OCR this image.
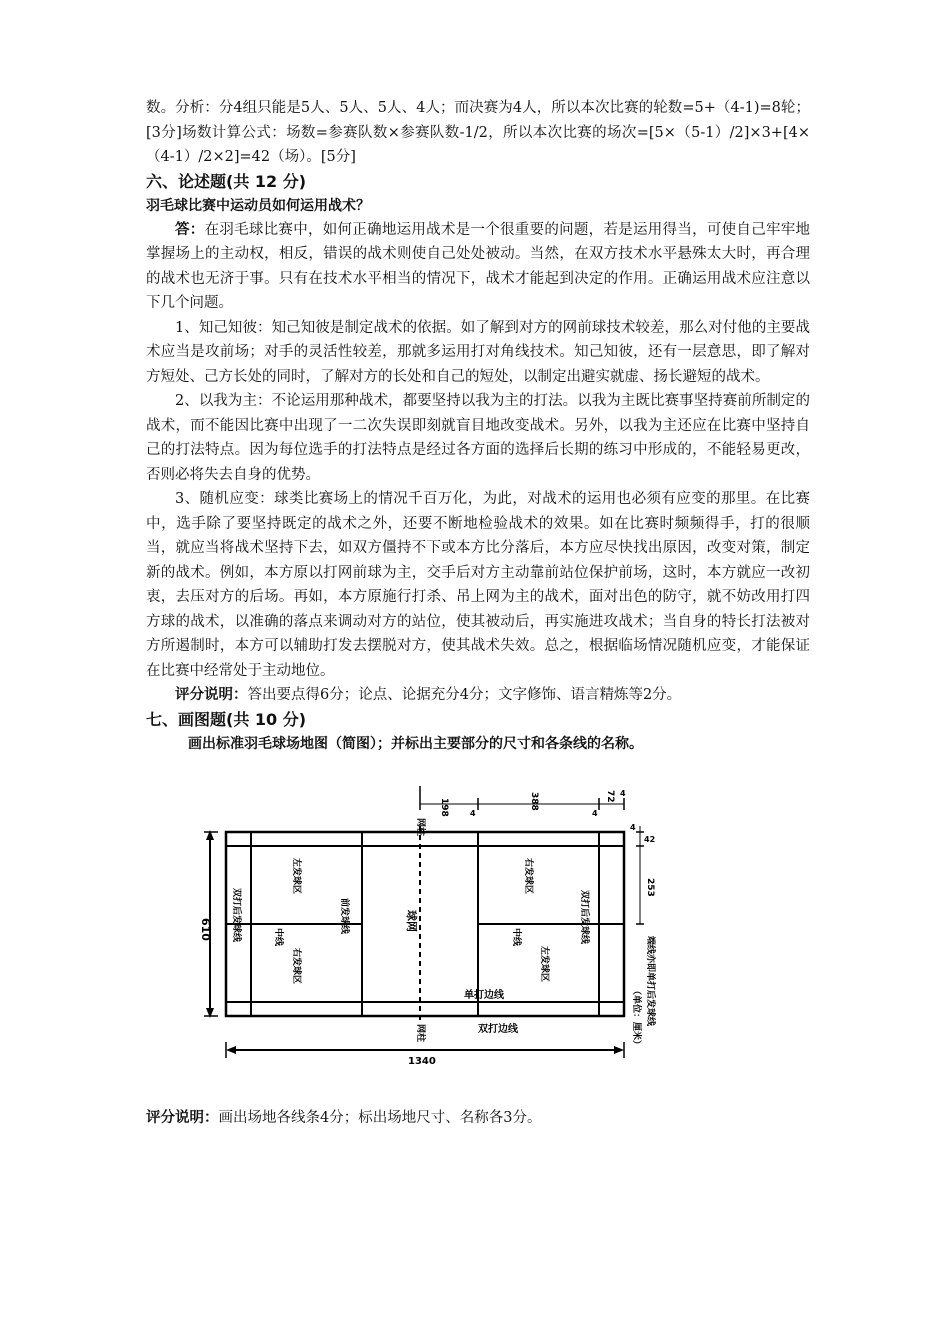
数。分析：分4组只能是5人、5人、5人、4人；而决赛为4人，所以本次比赛的轮数=5+（4-1)=8轮；[3分]场数计算公式：场数=参赛队数×参赛队数-1/2，所以本次比赛的场次=[5×（5-1）/2]×3+[4×（4-1）/2×2]=42（场）。[5分]

六、论述题(共 12 分)

羽毛球比赛中运动员如何运用战术？

答：在羽毛球比赛中，如何正确地运用战术是一个很重要的问题，若是运用得当，可使自己牢牢地掌握场上的主动权，相反，错误的战术则使自己处处被动。当然，在双方技术水平悬殊太大时，再合理的战术也无济于事。只有在技术水平相当的情况下，战术才能起到决定的作用。正确运用战术应注意以下几个问题。

1、知己知彼：知己知彼是制定战术的依据。如了解到对方的网前球技术较差，那么对付他的主要战术应当是攻前场；对手的灵活性较差，那就多运用打对角线技术。知己知彼，还有一层意思，即了解对方短处、己方长处的同时，了解对方的长处和自己的短处，以制定出避实就虚、扬长避短的战术。

2、以我为主：不论运用那种战术，都要坚持以我为主的打法。以我为主既比赛事坚持赛前所制定的战术，而不能因比赛中出现了一二次失误即刻就盲目地改变战术。另外，以我为主还应在比赛中坚持自己的打法特点。因为每位选手的打法特点是经过各方面的选择后长期的练习中形成的，不能轻易更改，否则必将失去自身的优势。

3、随机应变：球类比赛场上的情况千百万化，为此，对战术的运用也必须有应变的那里。在比赛中，选手除了要坚持既定的战术之外，还要不断地检验战术的效果。如在比赛时频频得手，打的很顺当，就应当将战术坚持下去，如双方僵持不下或本方比分落后，本方应尽快找出原因，改变对策，制定新的战术。例如，本方原以打网前球为主，交手后对方主动靠前站位保护前场，这时，本方就应一改初衷，去压对方的后场。再如，本方原施行打杀、吊上网为主的战术，面对出色的防守，就不妨改用打四方球的战术，以准确的落点来调动对方的站位，使其被动后，再实施进攻战术；当自身的特长打法被对方所遏制时，本方可以辅助打发去摆脱对方，使其战术失效。总之，根据临场情况随机应变，才能保证在比赛中经常处于主动地位。

评分说明：答出要点得6分；论点、论据充分4分；文字修饰、语言精炼等2分。

七、画图题(共 10 分)

画出标准羽毛球场地图（简图）；并标出主要部分的尺寸和各条线的名称。

610
1340
198	4
388
4
72 4
4
42
253
端线亦即单打后发球线
（单位：厘米）
网柱
网柱
球网
左发球区
右发球区
中线
前发球线
双打后发球线
右发球区
左发球区
中线	双打后发球线
单打边线
双打边线

评分说明：画出场地各线条4分；标出场地尺寸、名称各3分。
